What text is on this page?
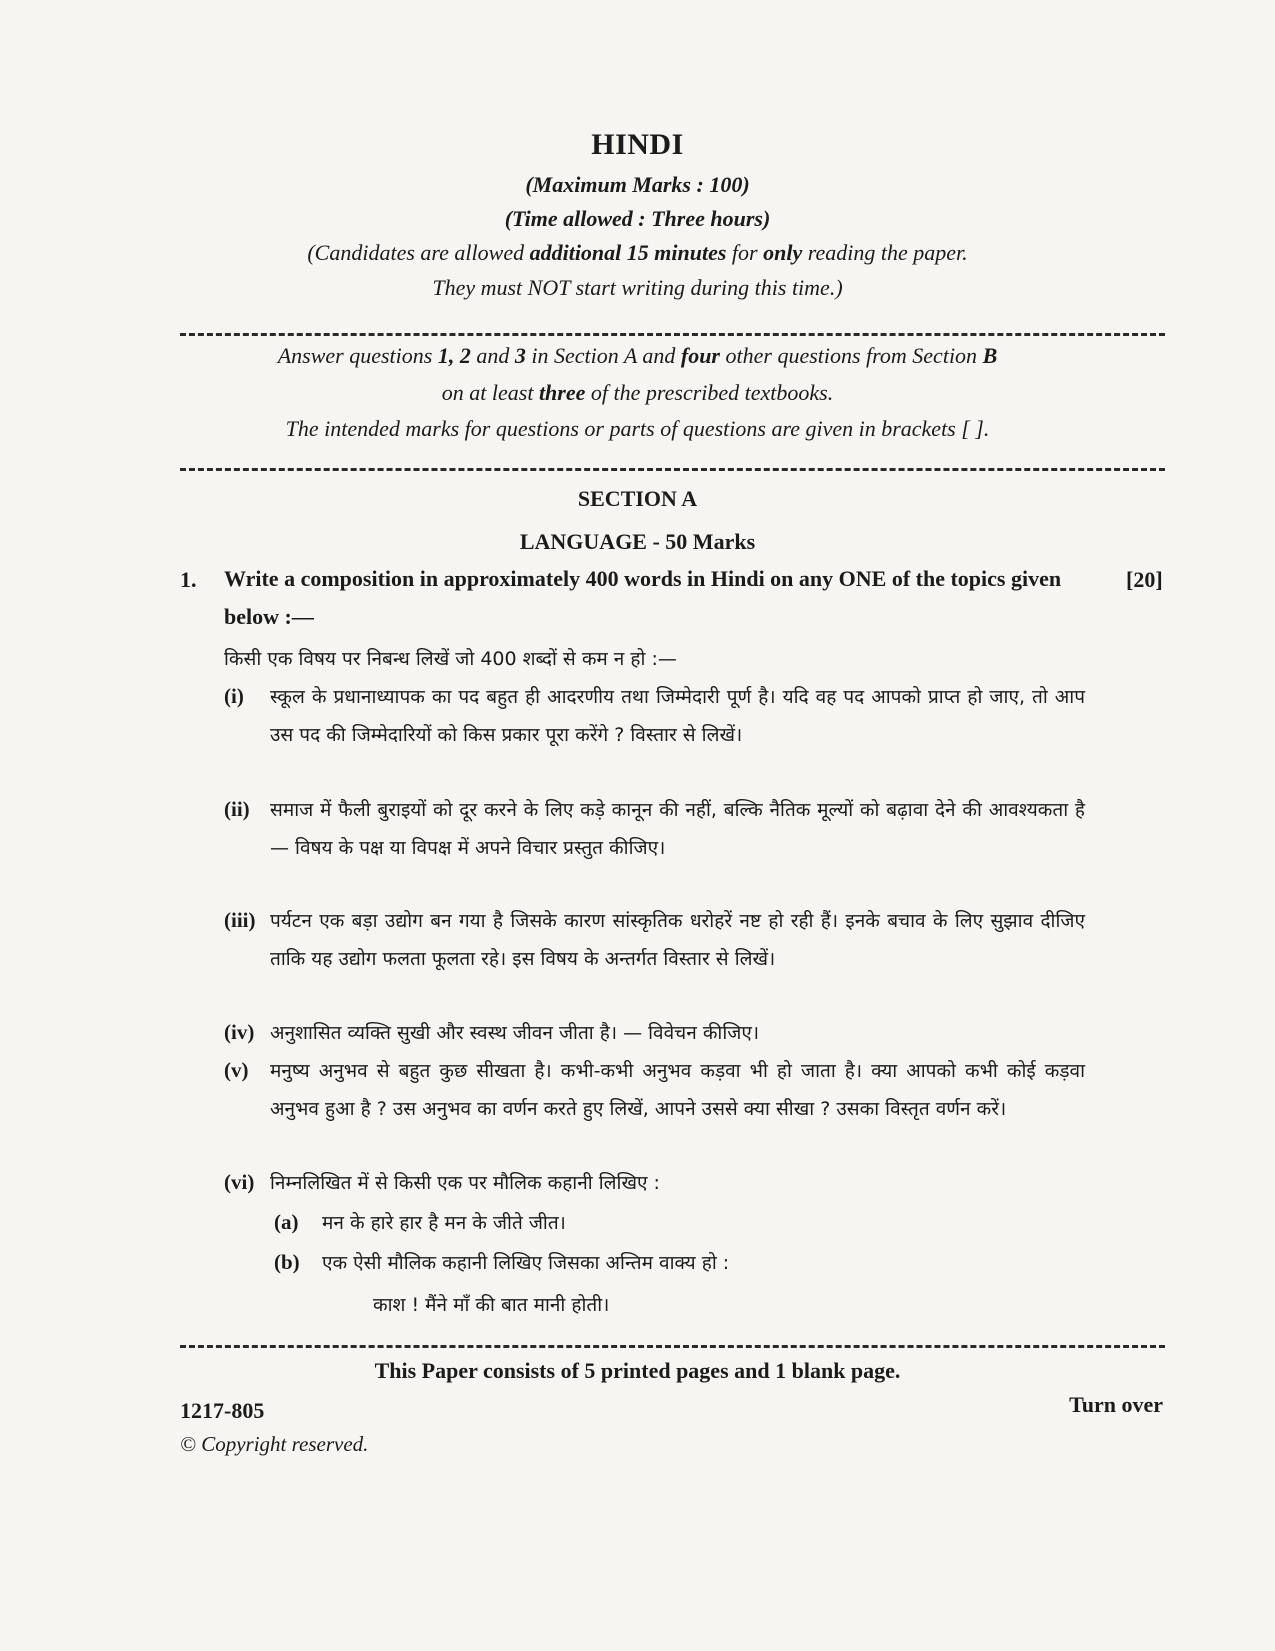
HINDI
(Maximum Marks : 100)
(Time allowed : Three hours)
(Candidates are allowed additional 15 minutes for only reading the paper.
They must NOT start writing during this time.)
Answer questions 1, 2 and 3 in Section A and four other questions from Section B
on at least three of the prescribed textbooks.
The intended marks for questions or parts of questions are given in brackets [ ].
SECTION A
LANGUAGE - 50 Marks
1. Write a composition in approximately 400 words in Hindi on any ONE of the topics given below :—
[20]
किसी एक विषय पर निबन्ध लिखें जो 400 शब्दों से कम न हो :—
(i)	स्कूल के प्रधानाध्यापक का पद बहुत ही आदरणीय तथा जिम्मेदारी पूर्ण है। यदि वह पद आपको प्राप्त हो जाए, तो आप उस पद की जिम्मेदारियों को किस प्रकार पूरा करेंगे ? विस्तार से लिखें।
(ii)	समाज में फैली बुराइयों को दूर करने के लिए कड़े कानून की नहीं, बल्कि नैतिक मूल्यों को बढ़ावा देने की आवश्यकता है — विषय के पक्ष या विपक्ष में अपने विचार प्रस्तुत कीजिए।
(iii) पर्यटन एक बड़ा उद्योग बन गया है जिसके कारण सांस्कृतिक धरोहरें नष्ट हो रही हैं। इनके बचाव के लिए सुझाव दीजिए ताकि यह उद्योग फलता फूलता रहे। इस विषय के अन्तर्गत विस्तार से लिखें।
(iv) अनुशासित व्यक्ति सुखी और स्वस्थ जीवन जीता है। — विवेचन कीजिए।
(v)	मनुष्य अनुभव से बहुत कुछ सीखता है। कभी-कभी अनुभव कड़वा भी हो जाता है। क्या आपको कभी कोई कड़वा अनुभव हुआ है ? उस अनुभव का वर्णन करते हुए लिखें, आपने उससे क्या सीखा ? उसका विस्तृत वर्णन करें।
(vi) निम्नलिखित में से किसी एक पर मौलिक कहानी लिखिए :
(a) मन के हारे हार है मन के जीते जीत।
(b) एक ऐसी मौलिक कहानी लिखिए जिसका अन्तिम वाक्य हो :
काश ! मैंने माँ की बात मानी होती।
This Paper consists of 5 printed pages and 1 blank page.
1217-805	Turn over
© Copyright reserved.
